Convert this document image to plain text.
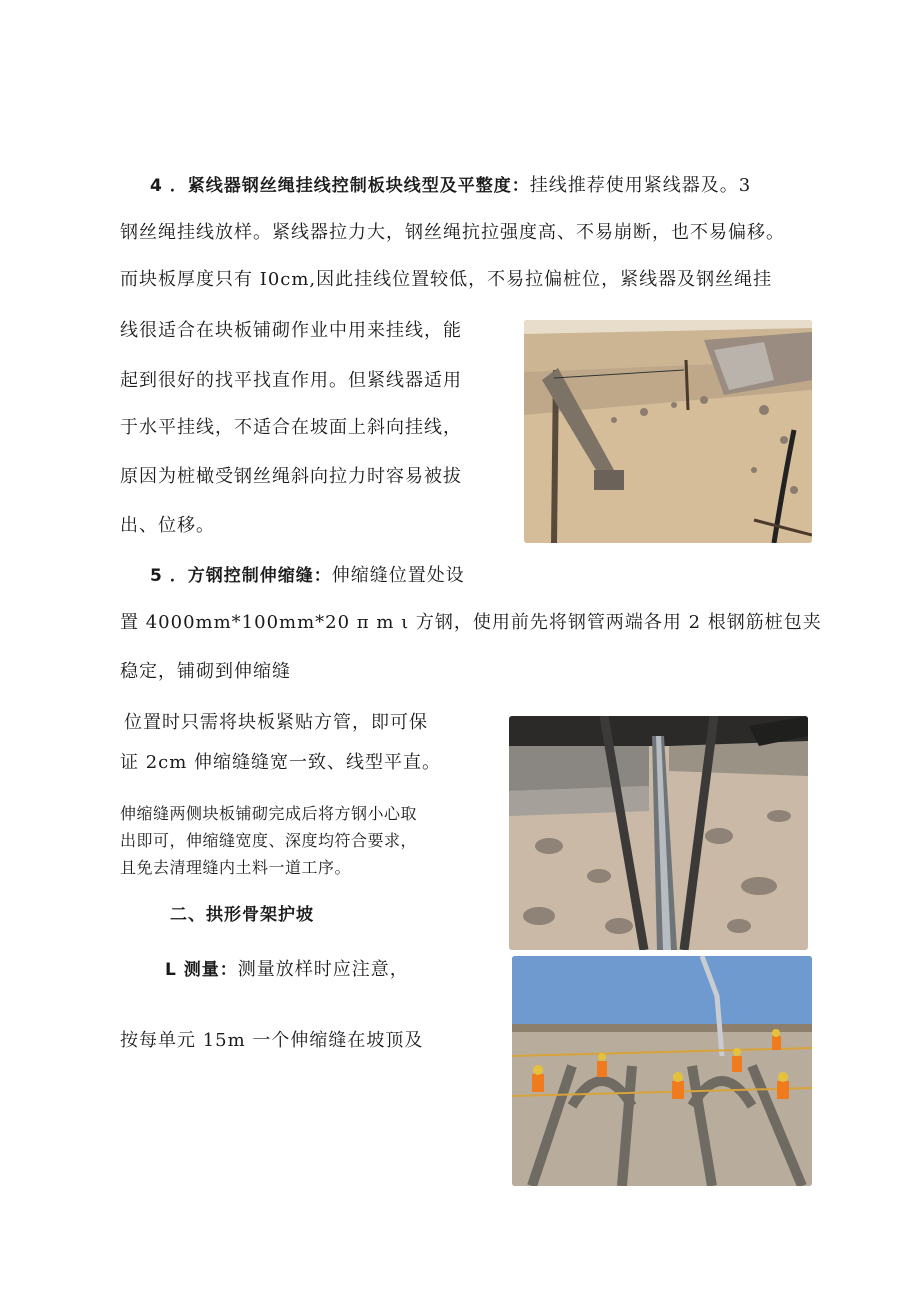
4 ．紧线器钢丝绳挂线控制板块线型及平整度：挂线推荐使用紧线器及。3
钢丝绳挂线放样。紧线器拉力大，钢丝绳抗拉强度高、不易崩断，也不易偏移。
而块板厚度只有 I0cm,因此挂线位置较低，不易拉偏桩位，紧线器及钢丝绳挂
线很适合在块板铺砌作业中用来挂线，能
起到很好的找平找直作用。但紧线器适用
于水平挂线，不适合在坡面上斜向挂线，
原因为桩橄受钢丝绳斜向拉力时容易被拔
出、位移。
5 ．方钢控制伸缩缝：伸缩缝位置处设
置 4000mm*100mm*20 π m ι 方钢，使用前先将钢管两端各用 2 根钢筋桩包夹
稳定，铺砌到伸缩缝
位置时只需将块板紧贴方管，即可保
证 2cm 伸缩缝缝宽一致、线型平直。
伸缩缝两侧块板铺砌完成后将方钢小心取
出即可，伸缩缝宽度、深度均符合要求，
且免去清理缝内土料一道工序。
二、拱形骨架护坡
L 测量：测量放样时应注意，
按每单元 15m 一个伸缩缝在坡顶及
